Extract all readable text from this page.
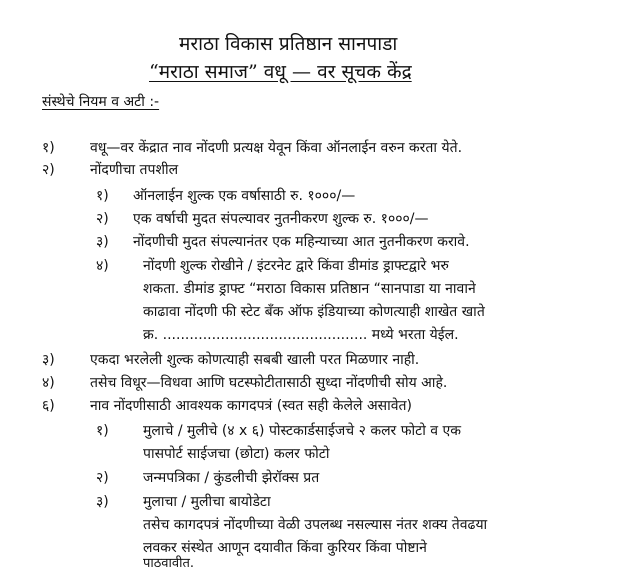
मराठा विकास प्रतिष्ठान सानपाडा
“मराठा समाज” वधू — वर सूचक केंद्र
संस्थेचे नियम व अटी :-
१)	वधू—वर केंद्रात नाव नोंदणी प्रत्यक्ष येवून किंवा ऑनलाईन वरुन करता येते.
२)	नोंदणीचा तपशील
१) ऑनलाईन शुल्क एक वर्षासाठी रु. १०००/—
२) एक वर्षाची मुदत संपल्यावर नुतनीकरण शुल्क रु. १०००/—
३) नोंदणीची मुदत संपल्यानंतर एक महिन्याच्या आत नुतनीकरण करावे.
४) नोंदणी शुल्क रोखीने / इंटरनेट द्वारे किंवा डीमांड ड्राफ्टद्वारे भरु
शकता. डीमांड ड्राफ्ट “मराठा विकास प्रतिष्ठान “सानपाडा या नावाने
काढावा नोंदणी फी स्टेट बँक ऑफ इंडियाच्या कोणत्याही शाखेत खाते
क्र. .............................................. मध्ये भरता येईल.
३)	एकदा भरलेली शुल्क कोणत्याही सबबी खाली परत मिळणार नाही.
४)	तसेच विधूर—विधवा आणि घटस्फोटीतासाठी सुध्दा नोंदणीची सोय आहे.
६)	नाव नोंदणीसाठी आवश्यक कागदपत्रं (स्वत सही केलेले असावेत)
१) मुलाचे / मुलीचे (४ x ६) पोस्टकार्डसाईजचे २ कलर फोटो व एक
पासपोर्ट साईजचा (छोटा) कलर फोटो
२) जन्मपत्रिका / कुंडलीची झेरॉक्स प्रत
३) मुलाचा / मुलीचा बायोडेटा
तसेच कागदपत्रं नोंदणीच्या वेळी उपलब्ध नसल्यास नंतर शक्य तेवढया
लवकर संस्थेत आणून दयावीत किंवा कुरियर किंवा पोष्टाने
पाठवावीत.
